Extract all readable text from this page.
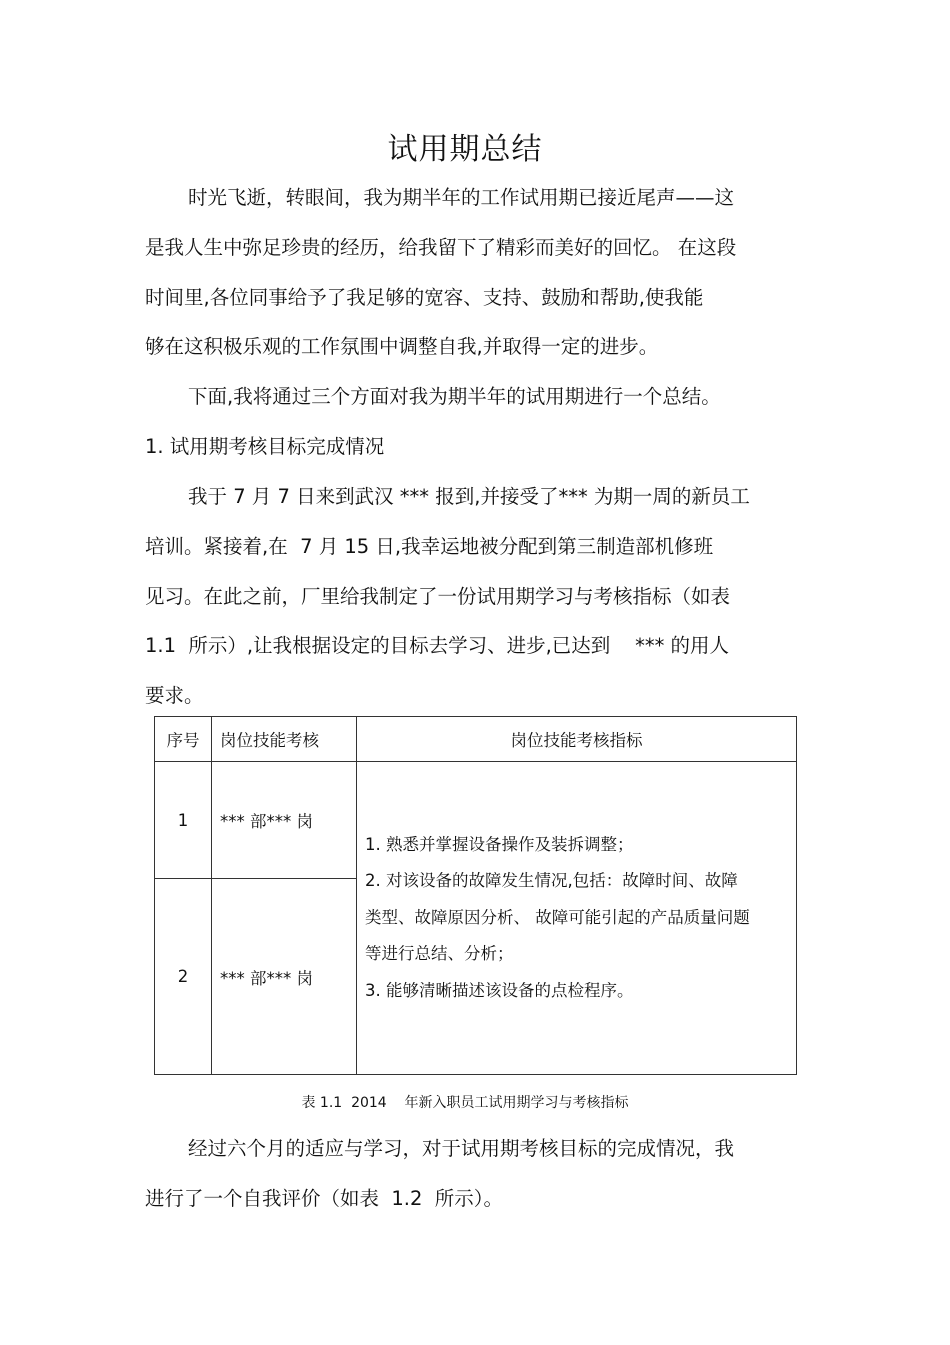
试用期总结
时光飞逝，转眼间，我为期半年的工作试用期已接近尾声——这
是我人生中弥足珍贵的经历，给我留下了精彩而美好的回忆。 在这段
时间里,各位同事给予了我足够的宽容、支持、鼓励和帮助,使我能
够在这积极乐观的工作氛围中调整自我,并取得一定的进步。
下面,我将通过三个方面对我为期半年的试用期进行一个总结。
1. 试用期考核目标完成情况
我于 7 月 7 日来到武汉 *** 报到,并接受了*** 为期一周的新员工
培训。紧接着,在  7 月 15 日,我幸运地被分配到第三制造部机修班
见习。在此之前，厂里给我制定了一份试用期学习与考核指标（如表
1.1  所示）,让我根据设定的目标去学习、进步,已达到    *** 的用人
要求。
序号	岗位技能考核	岗位技能考核指标
1	*** 部*** 岗	1. 熟悉并掌握设备操作及装拆调整；

2. 对该设备的故障发生情况,包括：故障时间、故障

类型、故障原因分析、 故障可能引起的产品质量问题

等进行总结、分析；

3. 能够清晰描述该设备的点检程序。

2	*** 部*** 岗	
表 1.1  2014    年新入职员工试用期学习与考核指标
经过六个月的适应与学习，对于试用期考核目标的完成情况，我
进行了一个自我评价（如表  1.2  所示）。
